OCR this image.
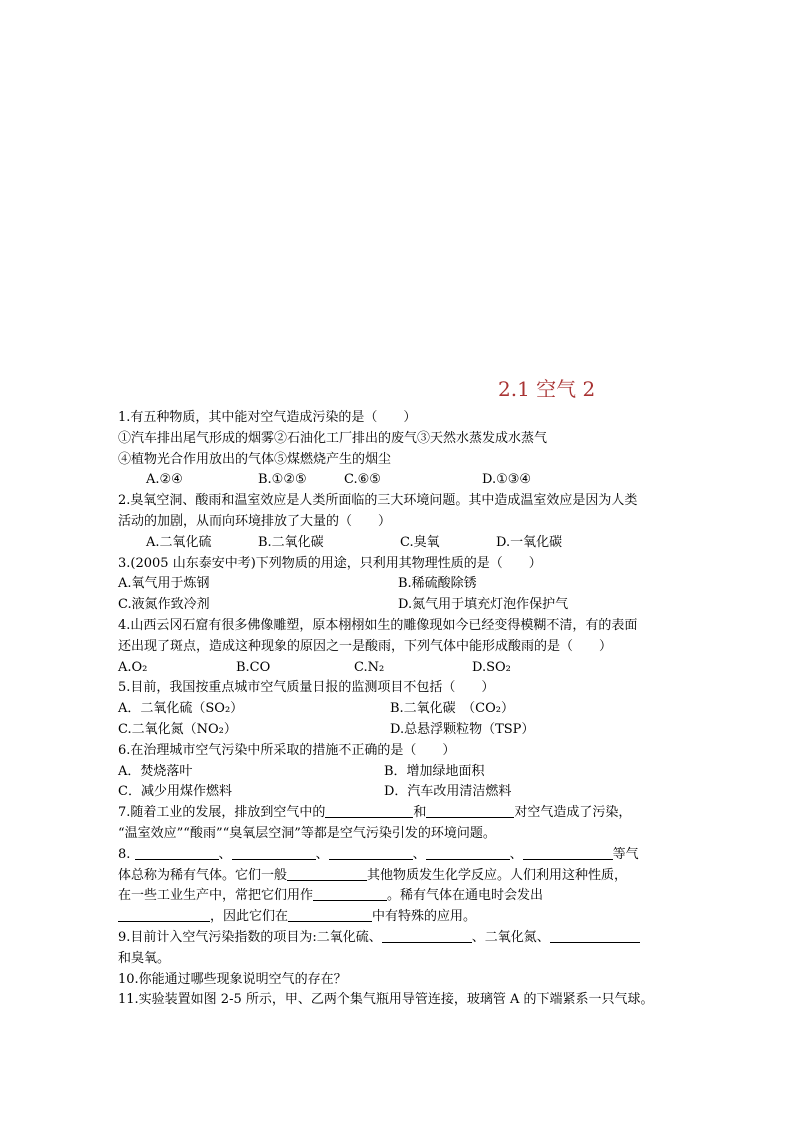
2.1 空气 2
1.有五种物质，其中能对空气造成污染的是（　　）
①汽车排出尾气形成的烟雾②石油化工厂排出的废气③天然水蒸发成水蒸气
④植物光合作用放出的气体⑤煤燃烧产生的烟尘
A.②④	B.①②⑤	C.⑥⑤	D.①③④
2.臭氧空洞、酸雨和温室效应是人类所面临的三大环境问题。其中造成温室效应是因为人类
活动的加剧，从而向环境排放了大量的（　　）
A.二氧化硫	B.二氧化碳	C.臭氧	D.一氧化碳
3.(2005 山东泰安中考)下列物质的用途，只利用其物理性质的是（　　）
A.氧气用于炼钢	B.稀硫酸除锈
C.液氮作致冷剂	D.氮气用于填充灯泡作保护气
4.山西云冈石窟有很多佛像雕塑，原本栩栩如生的雕像现如今已经变得模糊不清，有的表面
还出现了斑点，造成这种现象的原因之一是酸雨，下列气体中能形成酸雨的是（　　）
A.O₂	B.CO	C.N₂	D.SO₂
5.目前，我国按重点城市空气质量日报的监测项目不包括（　　）
A．二氧化硫（SO₂）	B.二氧化碳　（CO₂）
C.二氧化氮（NO₂）	D.总悬浮颗粒物（TSP）
6.在治理城市空气污染中所采取的措施不正确的是（　　）
A．焚烧落叶	B．增加绿地面积
C．减少用煤作燃料	D．汽车改用清洁燃料
7.随着工业的发展，排放到空气中的	和	对空气造成了污染，
“温室效应”“酸雨”“臭氧层空洞”等都是空气污染引发的环境问题。
8.	、	、	、	、	等气
体总称为稀有气体。它们一般	其他物质发生化学反应。人们利用这种性质，
在一些工业生产中，常把它们用作	。稀有气体在通电时会发出
，因此它们在	中有特殊的应用。
9.目前计入空气污染指数的项目为:二氧化硫、	、二氧化氮、
和臭氧。
10.你能通过哪些现象说明空气的存在？
11.实验装置如图 2-5 所示，甲、乙两个集气瓶用导管连接，玻璃管 A 的下端紧系一只气球。
